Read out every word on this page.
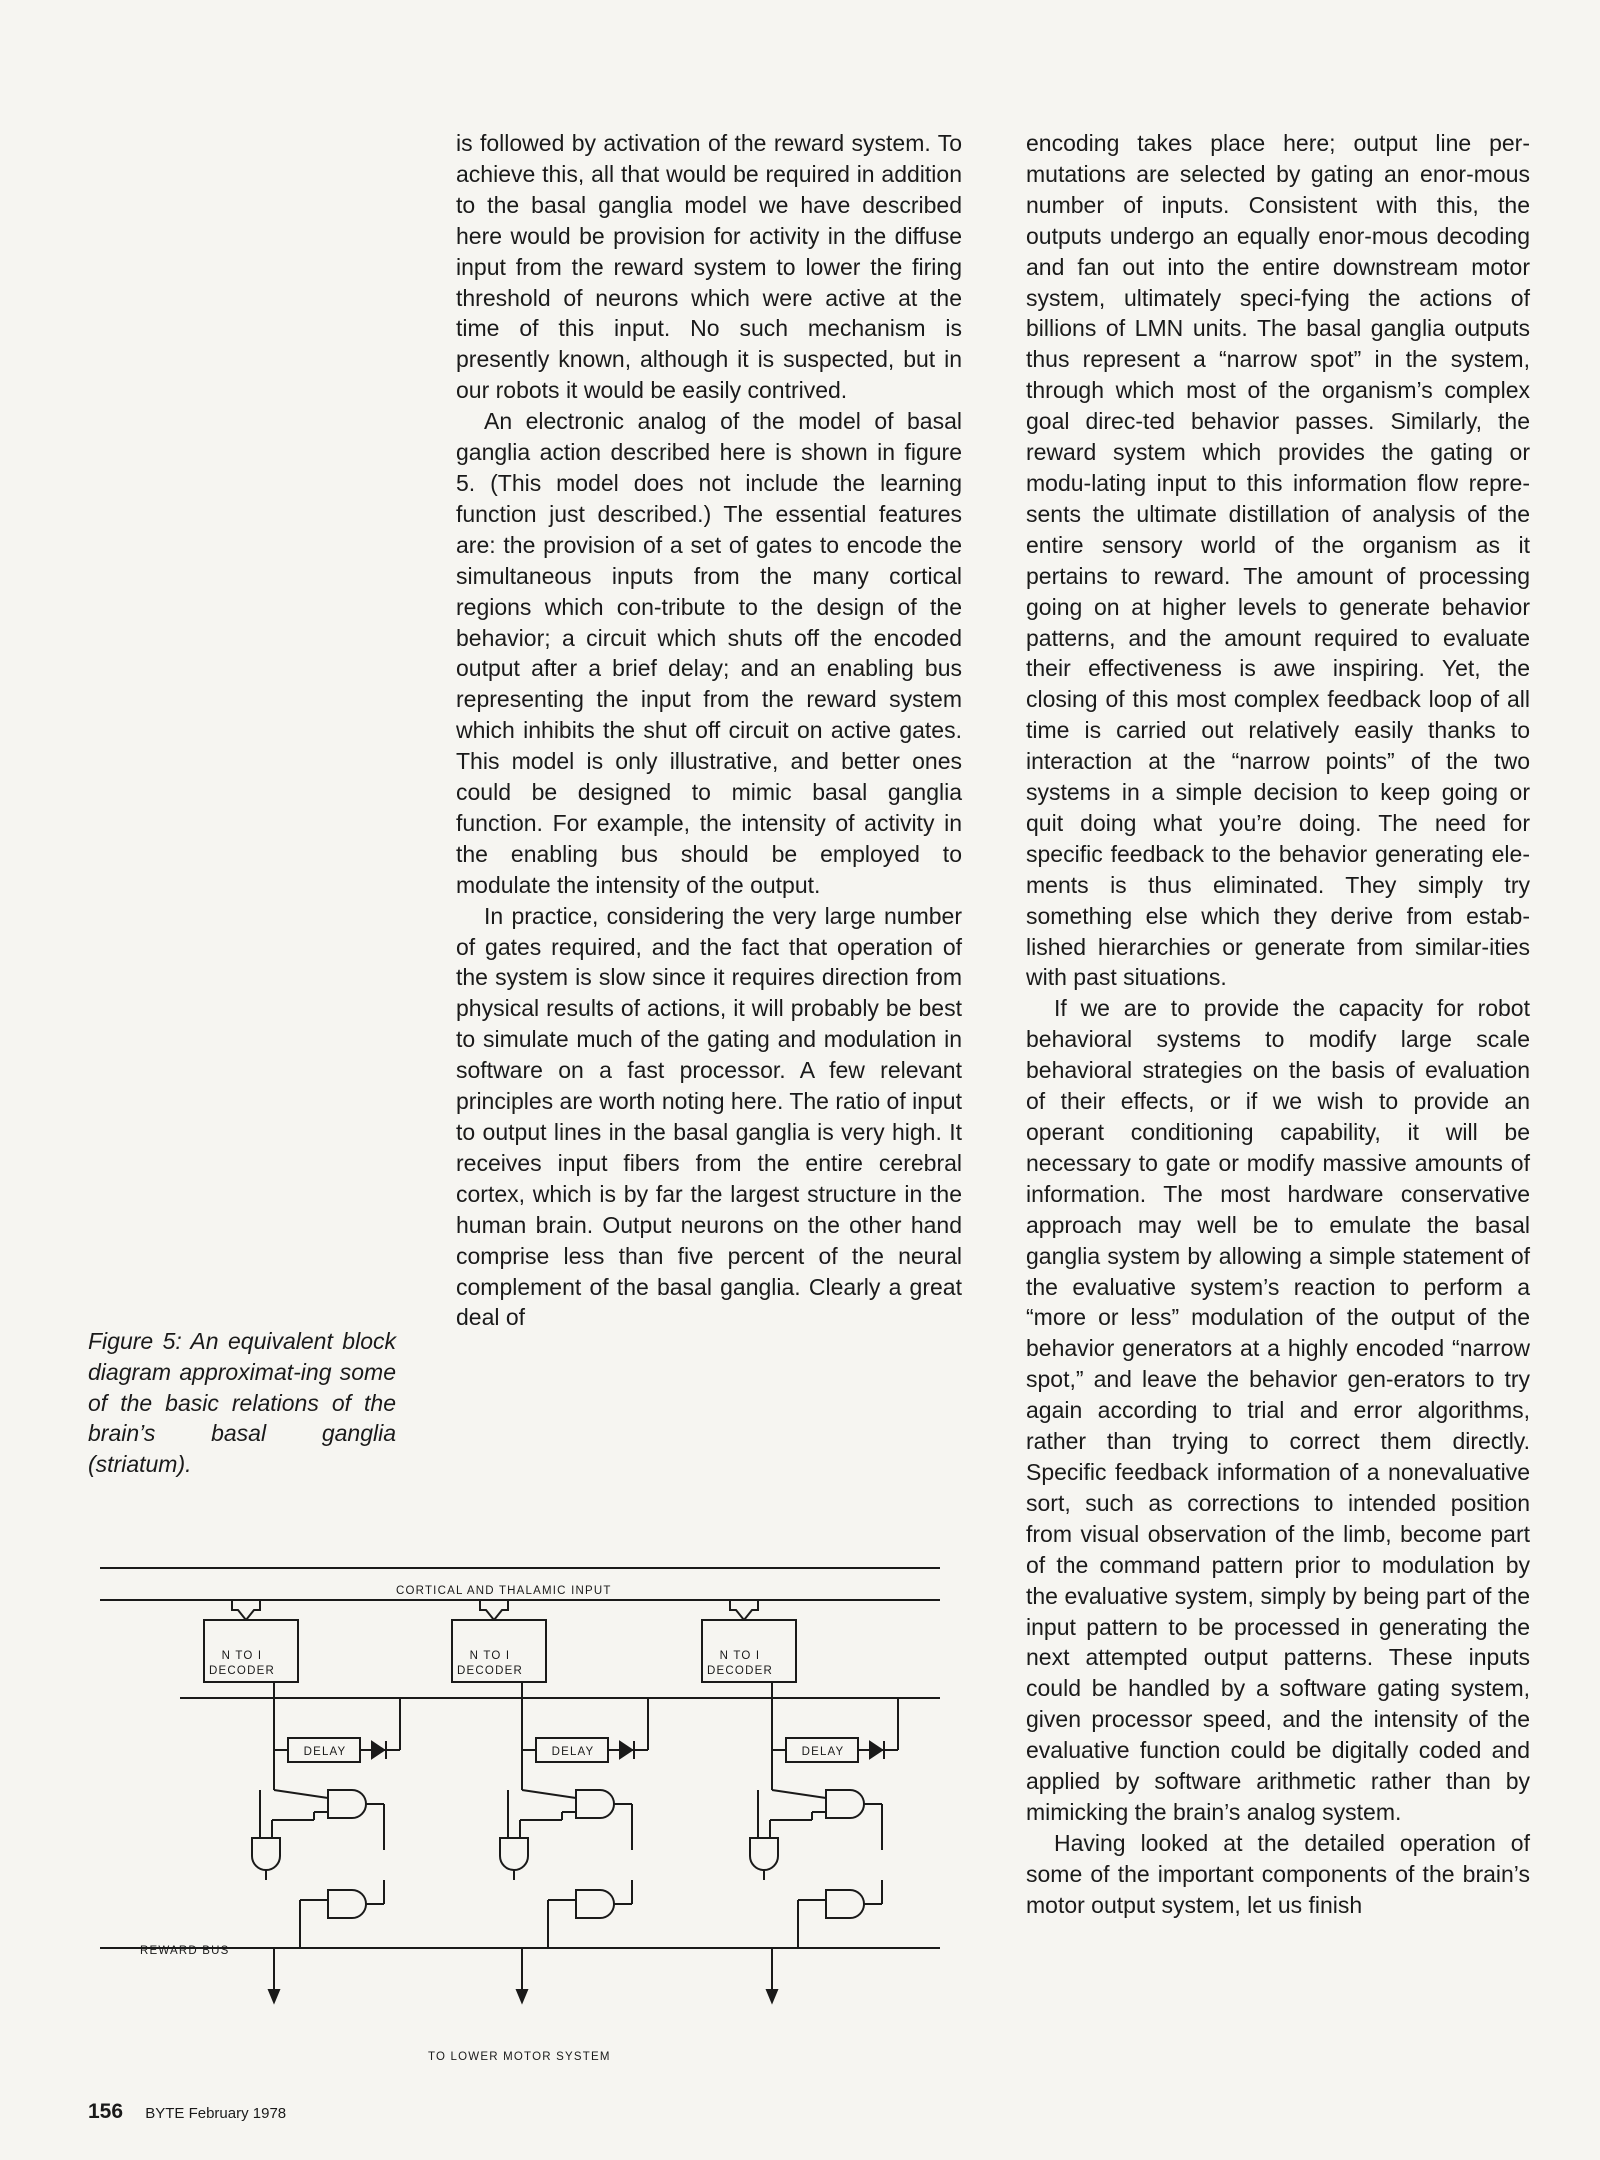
is followed by activation of the reward system. To achieve this, all that would be required in addition to the basal ganglia model we have described here would be provision for activity in the diffuse input from the reward system to lower the firing threshold of neurons which were active at the time of this input. No such mechanism is presently known, although it is suspected, but in our robots it would be easily contrived.

An electronic analog of the model of basal ganglia action described here is shown in figure 5. (This model does not include the learning function just described.) The essential features are: the provision of a set of gates to encode the simultaneous inputs from the many cortical regions which con-tribute to the design of the behavior; a circuit which shuts off the encoded output after a brief delay; and an enabling bus representing the input from the reward system which inhibits the shut off circuit on active gates. This model is only illustrative, and better ones could be designed to mimic basal ganglia function. For example, the intensity of activity in the enabling bus should be employed to modulate the intensity of the output.

In practice, considering the very large number of gates required, and the fact that operation of the system is slow since it requires direction from physical results of actions, it will probably be best to simulate much of the gating and modulation in software on a fast processor. A few relevant principles are worth noting here. The ratio of input to output lines in the basal ganglia is very high. It receives input fibers from the entire cerebral cortex, which is by far the largest structure in the human brain. Output neurons on the other hand comprise less than five percent of the neural complement of the basal ganglia. Clearly a great deal of

encoding takes place here; output line per-mutations are selected by gating an enor-mous number of inputs. Consistent with this, the outputs undergo an equally enor-mous decoding and fan out into the entire downstream motor system, ultimately speci-fying the actions of billions of LMN units. The basal ganglia outputs thus represent a “narrow spot” in the system, through which most of the organism’s complex goal direc-ted behavior passes. Similarly, the reward system which provides the gating or modu-lating input to this information flow repre-sents the ultimate distillation of analysis of the entire sensory world of the organism as it pertains to reward. The amount of processing going on at higher levels to generate behavior patterns, and the amount required to evaluate their effectiveness is awe inspiring. Yet, the closing of this most complex feedback loop of all time is carried out relatively easily thanks to interaction at the “narrow points” of the two systems in a simple decision to keep going or quit doing what you’re doing. The need for specific feedback to the behavior generating ele-ments is thus eliminated. They simply try something else which they derive from estab-lished hierarchies or generate from similar-ities with past situations.

If we are to provide the capacity for robot behavioral systems to modify large scale behavioral strategies on the basis of evaluation of their effects, or if we wish to provide an operant conditioning capability, it will be necessary to gate or modify massive amounts of information. The most hardware conservative approach may well be to emulate the basal ganglia system by allowing a simple statement of the evaluative system’s reaction to perform a “more or less” modulation of the output of the behavior generators at a highly encoded “narrow spot,” and leave the behavior gen-erators to try again according to trial and error algorithms, rather than trying to correct them directly. Specific feedback information of a nonevaluative sort, such as corrections to intended position from visual observation of the limb, become part of the command pattern prior to modulation by the evaluative system, simply by being part of the input pattern to be processed in generating the next attempted output patterns. These inputs could be handled by a software gating system, given processor speed, and the intensity of the evaluative function could be digitally coded and applied by software arithmetic rather than by mimicking the brain’s analog system.

Having looked at the detailed operation of some of the important components of the brain’s motor output system, let us finish

Figure 5: An equivalent block diagram approximat-ing some of the basic relations of the brain’s basal ganglia (striatum).
CORTICAL AND THALAMIC INPUT
N TO I
DECODER
N TO I
DECODER
N TO I
DECODER
DELAY	DELAY	DELAY
REWARD BUS
TO LOWER MOTOR SYSTEM
156 BYTE February 1978
